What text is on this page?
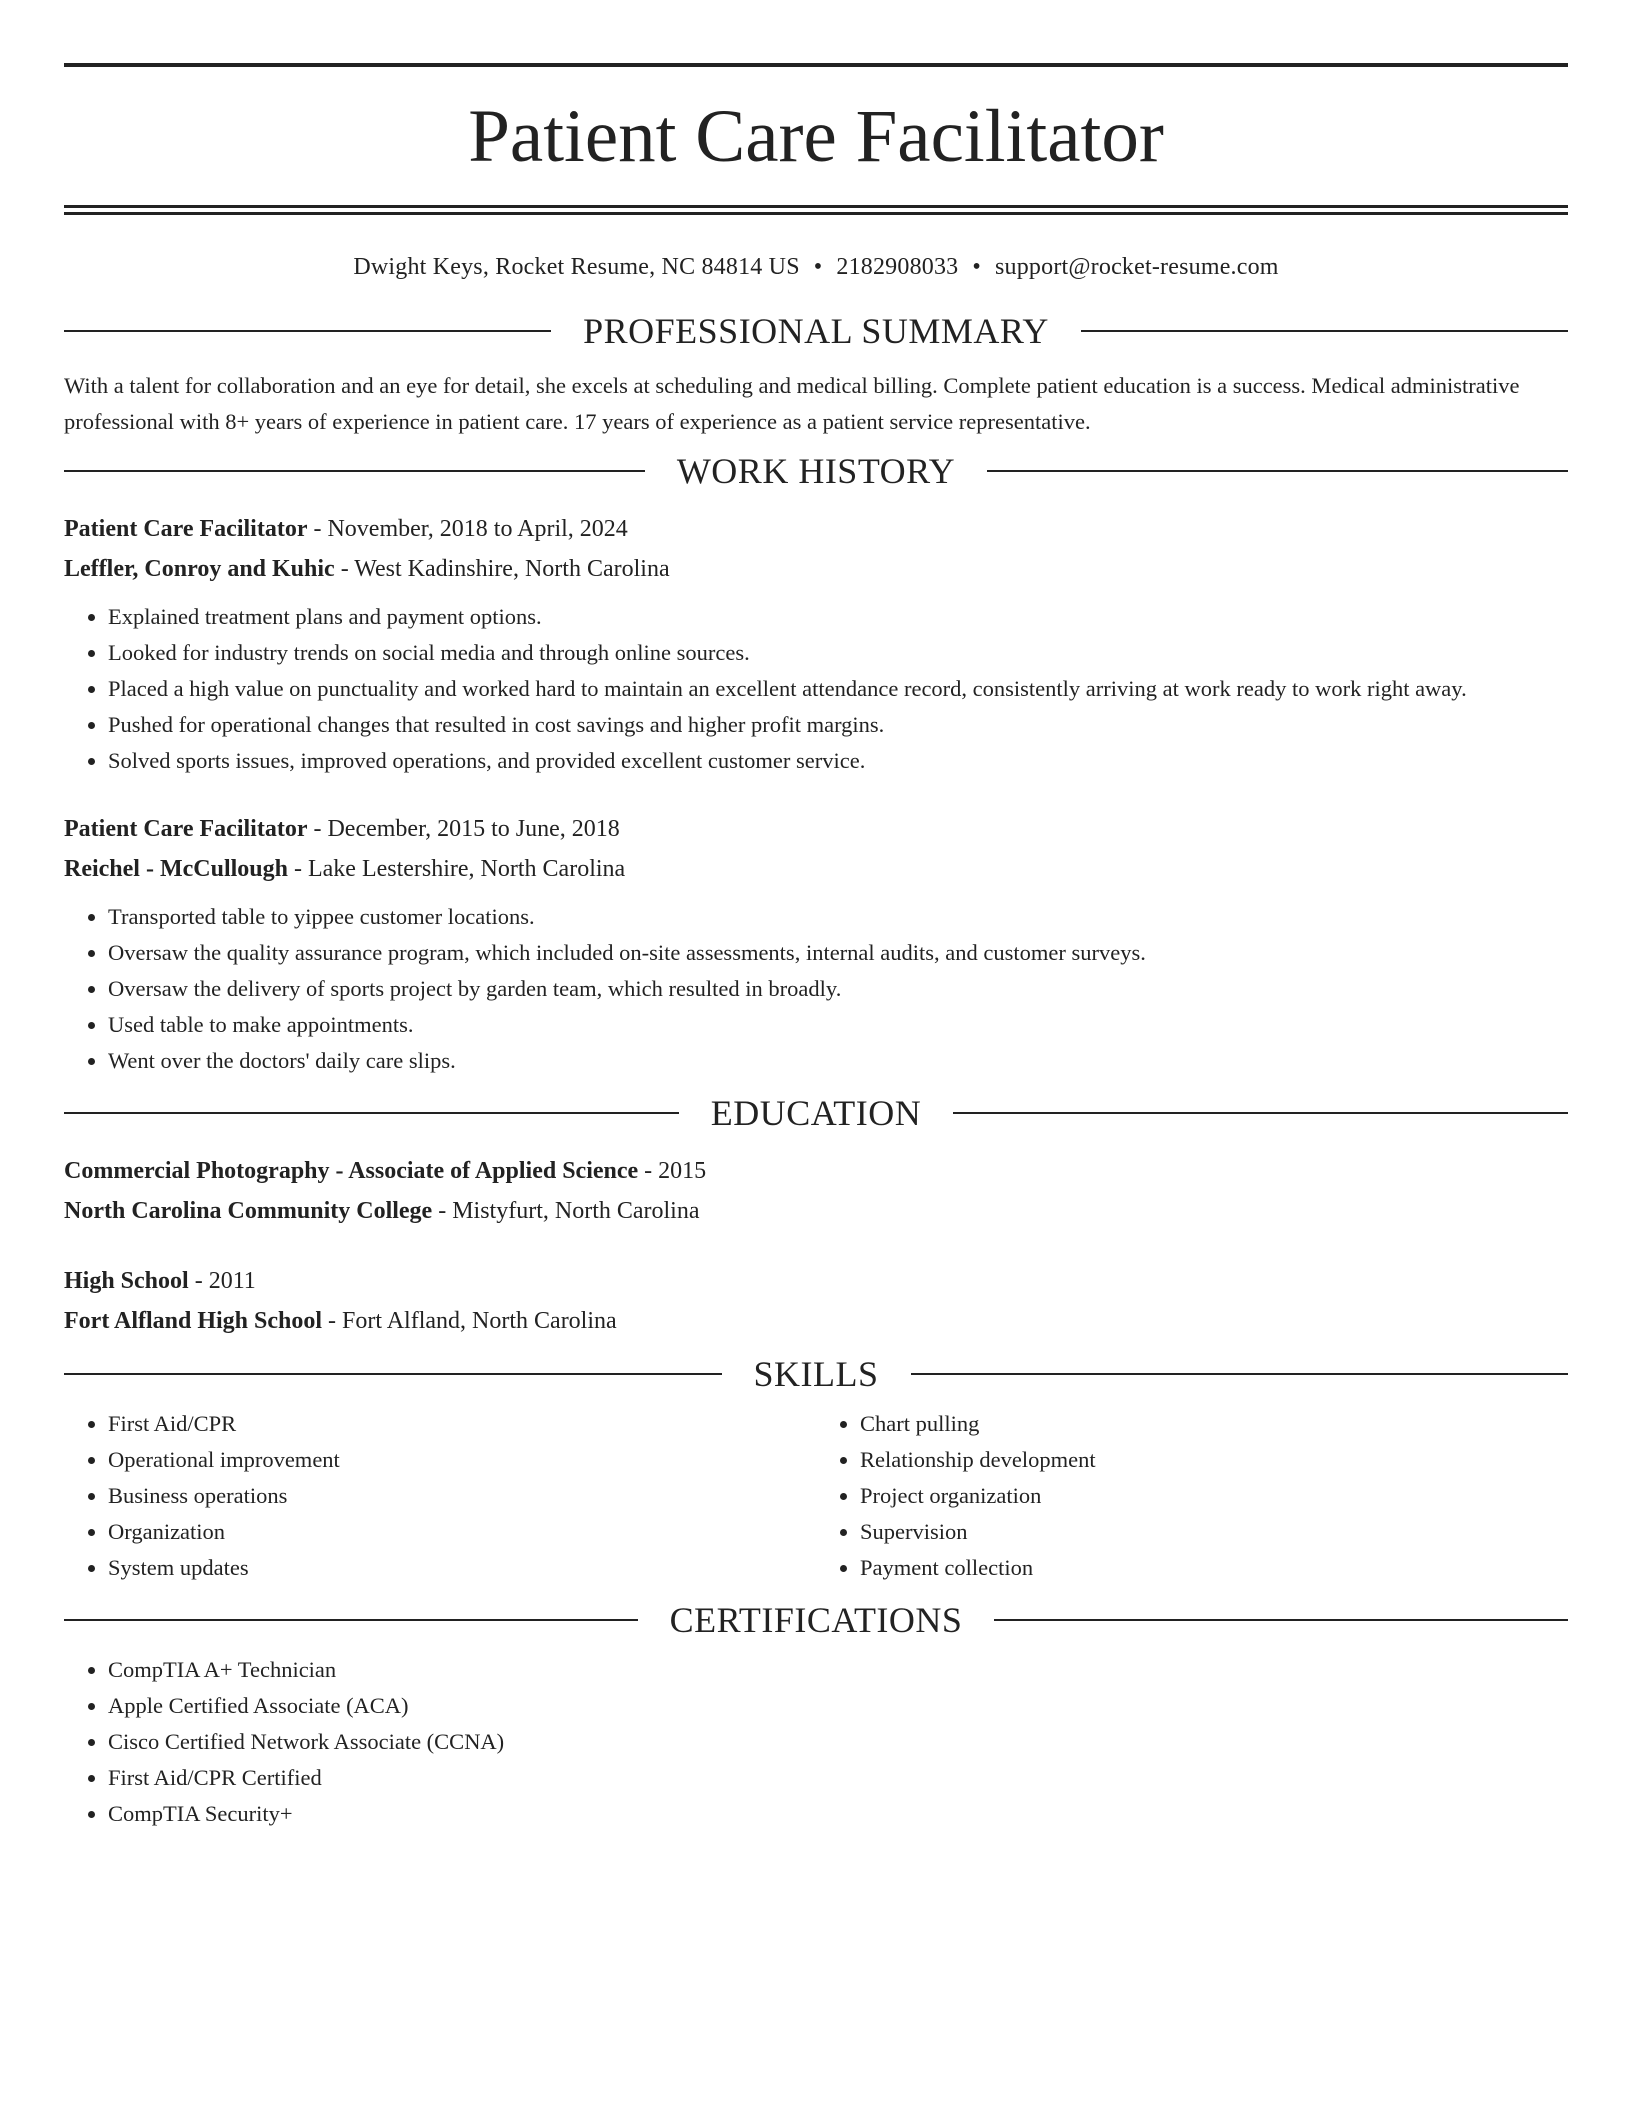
Patient Care Facilitator
Dwight Keys, Rocket Resume, NC 84814 US • 2182908033 • support@rocket-resume.com
PROFESSIONAL SUMMARY

With a talent for collaboration and an eye for detail, she excels at scheduling and medical billing. Complete patient education is a success. Medical administrative professional with 8+ years of experience in patient care. 17 years of experience as a patient service representative.

WORK HISTORY
Patient Care Facilitator - November, 2018 to April, 2024
Leffler, Conroy and Kuhic - West Kadinshire, North Carolina
• Explained treatment plans and payment options.
• Looked for industry trends on social media and through online sources.
• Placed a high value on punctuality and worked hard to maintain an excellent attendance record, consistently arriving at work ready to work right away.
• Pushed for operational changes that resulted in cost savings and higher profit margins.
• Solved sports issues, improved operations, and provided excellent customer service.
Patient Care Facilitator - December, 2015 to June, 2018
Reichel - McCullough - Lake Lestershire, North Carolina
• Transported table to yippee customer locations.
• Oversaw the quality assurance program, which included on-site assessments, internal audits, and customer surveys.
• Oversaw the delivery of sports project by garden team, which resulted in broadly.
• Used table to make appointments.
• Went over the doctors' daily care slips.
EDUCATION
Commercial Photography - Associate of Applied Science - 2015
North Carolina Community College - Mistyfurt, North Carolina
High School - 2011
Fort Alfland High School - Fort Alfland, North Carolina
SKILLS
• First Aid/CPR
• Operational improvement
• Business operations
• Organization
• System updates
• Chart pulling
• Relationship development
• Project organization
• Supervision
• Payment collection
CERTIFICATIONS
• CompTIA A+ Technician
• Apple Certified Associate (ACA)
• Cisco Certified Network Associate (CCNA)
• First Aid/CPR Certified
• CompTIA Security+
